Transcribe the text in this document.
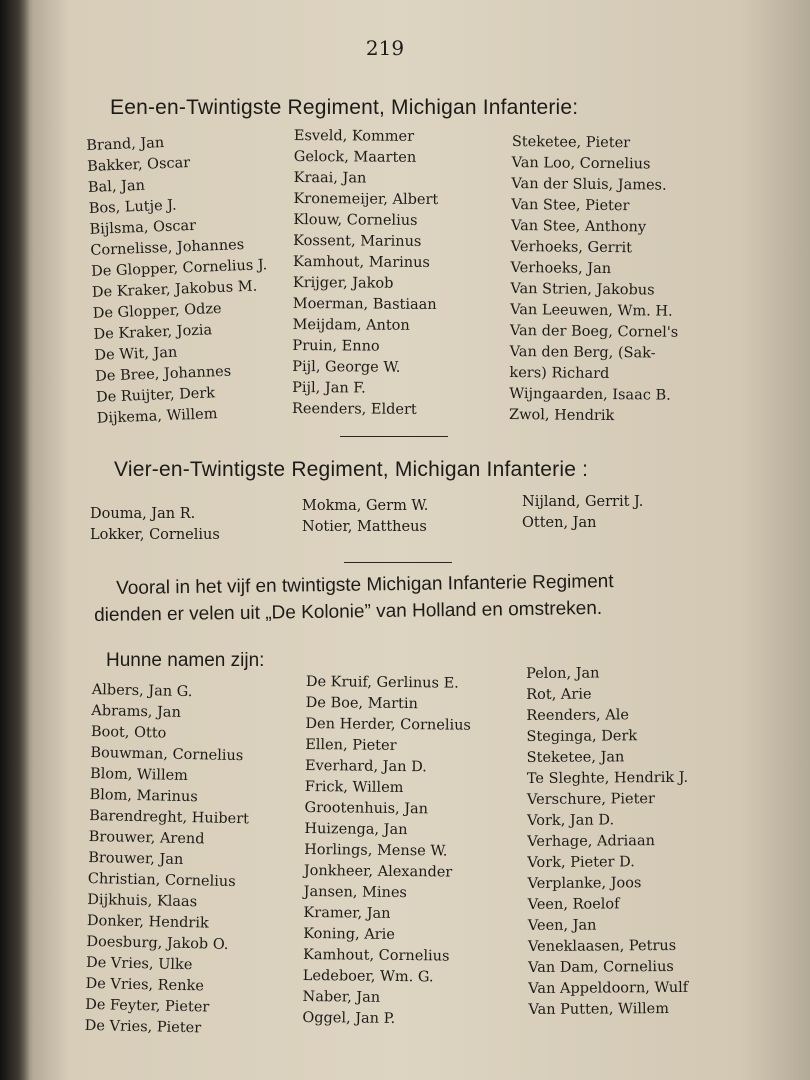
219
Een-en-Twintigste Regiment, Michigan Infanterie:
Brand, Jan
Bakker, Oscar
Bal, Jan
Bos, Lutje J.
Bijlsma, Oscar
Cornelisse, Johannes
De Glopper, Cornelius J.
De Kraker, Jakobus M.
De Glopper, Odze
De Kraker, Jozia
De Wit, Jan
De Bree, Johannes
De Ruijter, Derk
Dijkema, Willem
Esveld, Kommer
Gelock, Maarten
Kraai, Jan
Kronemeijer, Albert
Klouw, Cornelius
Kossent, Marinus
Kamhout, Marinus
Krijger, Jakob
Moerman, Bastiaan
Meijdam, Anton
Pruin, Enno
Pijl, George W.
Pijl, Jan F.
Reenders, Eldert
Steketee, Pieter
Van Loo, Cornelius
Van der Sluis, James.
Van Stee, Pieter
Van Stee, Anthony
Verhoeks, Gerrit
Verhoeks, Jan
Van Strien, Jakobus
Van Leeuwen, Wm. H.
Van der Boeg, Cornel's
Van den Berg, (Sak-
kers) Richard
Wijngaarden, Isaac B.
Zwol, Hendrik
Vier-en-Twintigste Regiment, Michigan Infanterie :
Douma, Jan R.
Lokker, Cornelius
Mokma, Germ W.
Notier, Mattheus
Nijland, Gerrit J.
Otten, Jan
Vooral in het vijf en twintigste Michigan Infanterie Regiment
dienden er velen uit „De Kolonie” van Holland en omstreken.
Hunne namen zijn:
Albers, Jan G.
Abrams, Jan
Boot, Otto
Bouwman, Cornelius
Blom, Willem
Blom, Marinus
Barendreght, Huibert
Brouwer, Arend
Brouwer, Jan
Christian, Cornelius
Dijkhuis, Klaas
Donker, Hendrik
Doesburg, Jakob O.
De Vries, Ulke
De Vries, Renke
De Feyter, Pieter
De Vries, Pieter
De Kruif, Gerlinus E.
De Boe, Martin
Den Herder, Cornelius
Ellen, Pieter
Everhard, Jan D.
Frick, Willem
Grootenhuis, Jan
Huizenga, Jan
Horlings, Mense W.
Jonkheer, Alexander
Jansen, Mines
Kramer, Jan
Koning, Arie
Kamhout, Cornelius
Ledeboer, Wm. G.
Naber, Jan
Oggel, Jan P.
Pelon, Jan
Rot, Arie
Reenders, Ale
Steginga, Derk
Steketee, Jan
Te Sleghte, Hendrik J.
Verschure, Pieter
Vork, Jan D.
Verhage, Adriaan
Vork, Pieter D.
Verplanke, Joos
Veen, Roelof
Veen, Jan
Veneklaasen, Petrus
Van Dam, Cornelius
Van Appeldoorn, Wulf
Van Putten, Willem
